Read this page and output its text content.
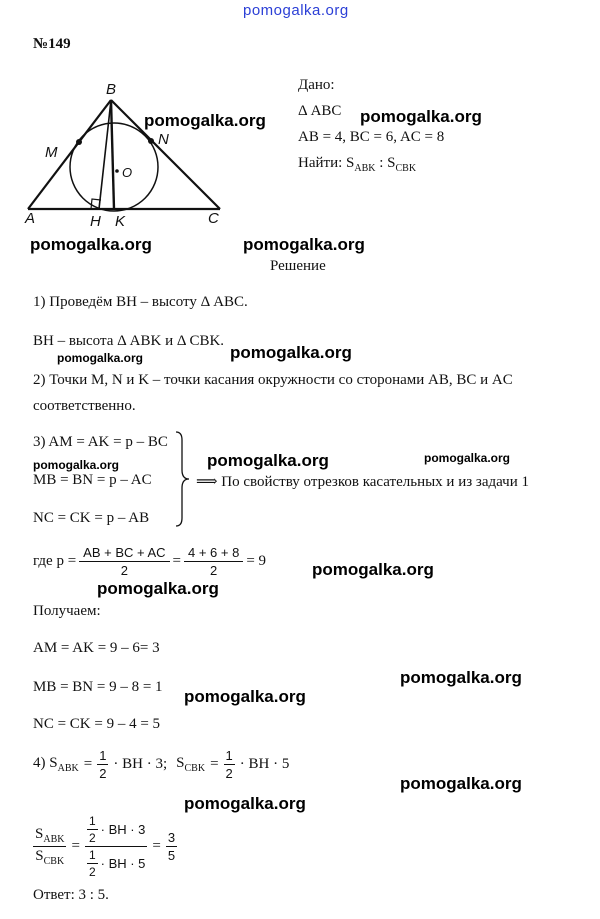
pomogalka.org
№149
B
M
N
O
A	H K	C
pomogalka.org	pomogalka.org
pomogalka.org	pomogalka.org
Дано:
Δ ABC
AB = 4, BC = 6, AC = 8
Найти: $S_{ABK}$ : $S_{CBK}$
Решение
1) Проведём BH – высоту Δ ABC.
BH – высота Δ ABK и Δ CBK.
pomogalka.org	pomogalka.org
2) Точки M, N и K – точки касания окружности со сторонами AB, BC и AC
соответственно.
3) AM = AK = p – BC
pomogalka.org
MB = BN = p – AC
NC = CK = p – AB
pomogalka.org	pomogalka.org
⟹ По свойству отрезков касательных и из задачи 1
где $p = \frac{AB + BC + AC}{2} = \frac{4 + 6 + 8}{2} = 9$	pomogalka.org
pomogalka.org
Получаем:
AM = AK = 9 – 6= 3
MB = BN = 9 – 8 = 1	pomogalka.org
pomogalka.org
NC = CK = 9 – 4 = 5
4) $S_{ABK} = \frac{1}{2}$ · BH · 3; $S_{CBK} = \frac{1}{2}$ · BH · 5
pomogalka.org
pomogalka.org
$\frac{S_{ABK}}{S_{CBK}} = \frac{\frac{1}{2} \cdot BH \cdot 3}{\frac{1}{2} \cdot BH \cdot 5} = \frac{3}{5}$
Ответ: 3 : 5.
